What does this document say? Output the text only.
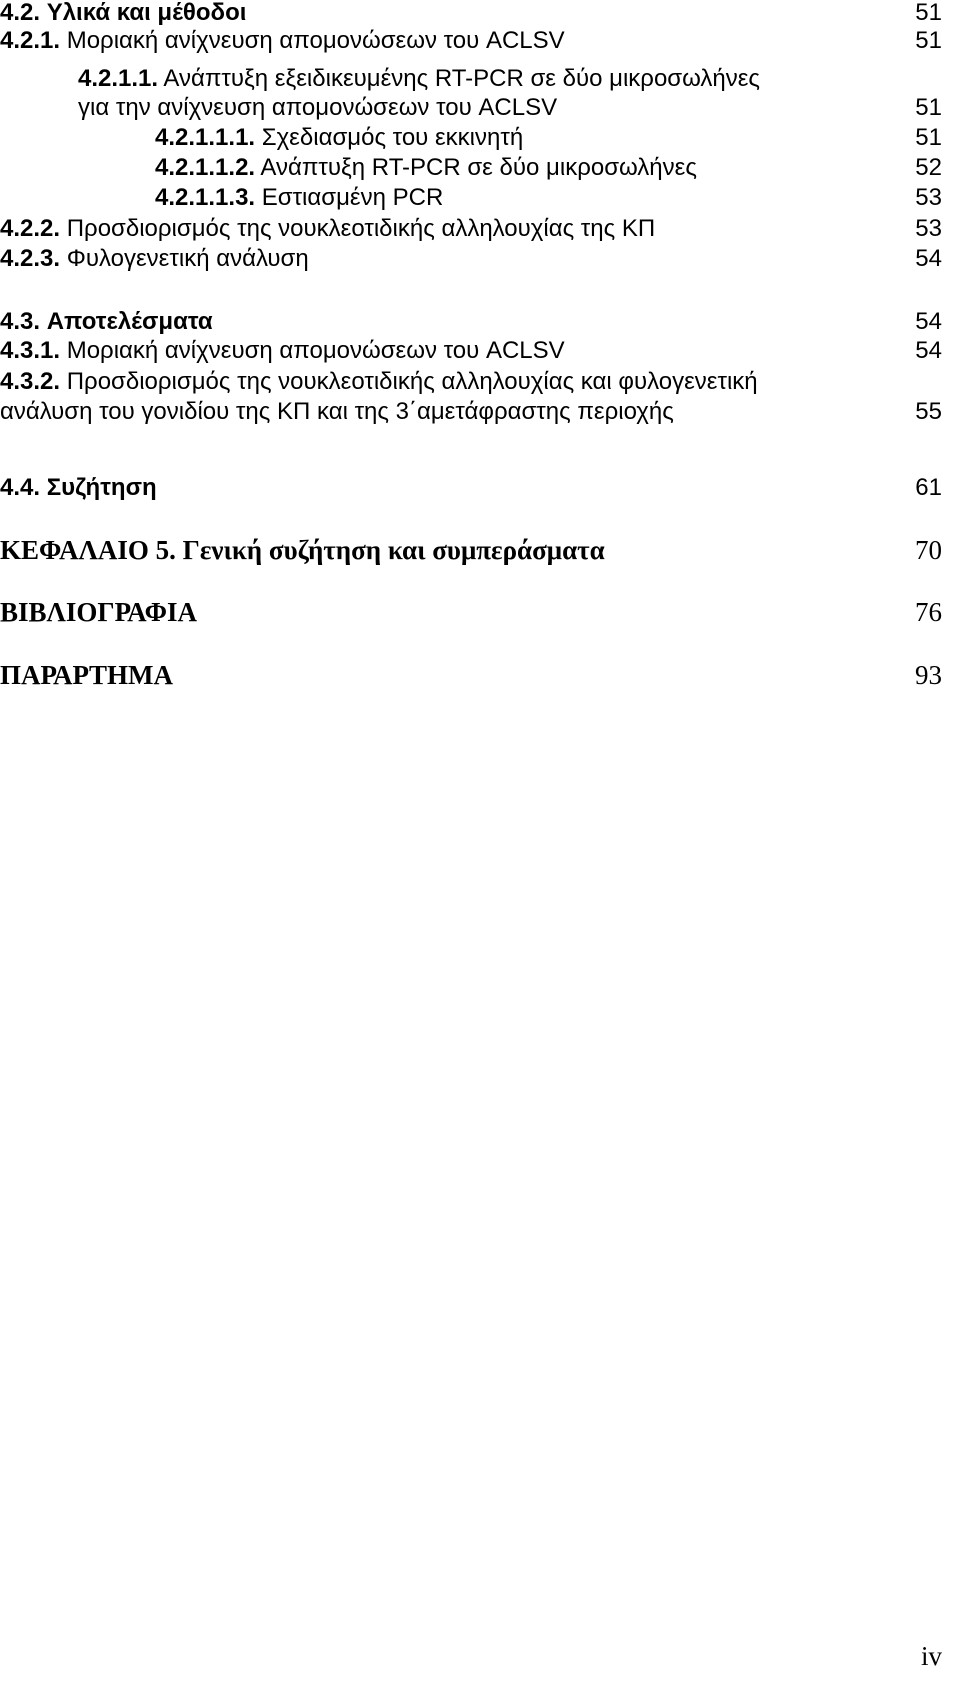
4.2. Υλικά και μέθοδοι	51
4.2.1. Μοριακή ανίχνευση απομονώσεων του ACLSV	51
4.2.1.1. Ανάπτυξη εξειδικευμένης RT-PCR σε δύο μικροσωλήνες
για την ανίχνευση απομονώσεων του ACLSV	51
4.2.1.1.1. Σχεδιασμός του εκκινητή	51
4.2.1.1.2. Ανάπτυξη RT-PCR σε δύο μικροσωλήνες	52
4.2.1.1.3. Εστιασμένη PCR	53
4.2.2. Προσδιορισμός της νουκλεοτιδικής αλληλουχίας της ΚΠ	53
4.2.3. Φυλογενετική ανάλυση	54
4.3. Αποτελέσματα	54
4.3.1. Μοριακή ανίχνευση απομονώσεων του ACLSV	54
4.3.2. Προσδιορισμός της νουκλεοτιδικής αλληλουχίας και φυλογενετική
ανάλυση του γονιδίου της ΚΠ και της 3΄αμετάφραστης περιοχής	55
4.4. Συζήτηση	61
ΚΕΦΑΛΑΙΟ 5. Γενική συζήτηση και συμπεράσματα	70
ΒΙΒΛΙΟΓΡΑΦΙΑ	76
ΠΑΡΑΡΤΗΜΑ	93
iv
